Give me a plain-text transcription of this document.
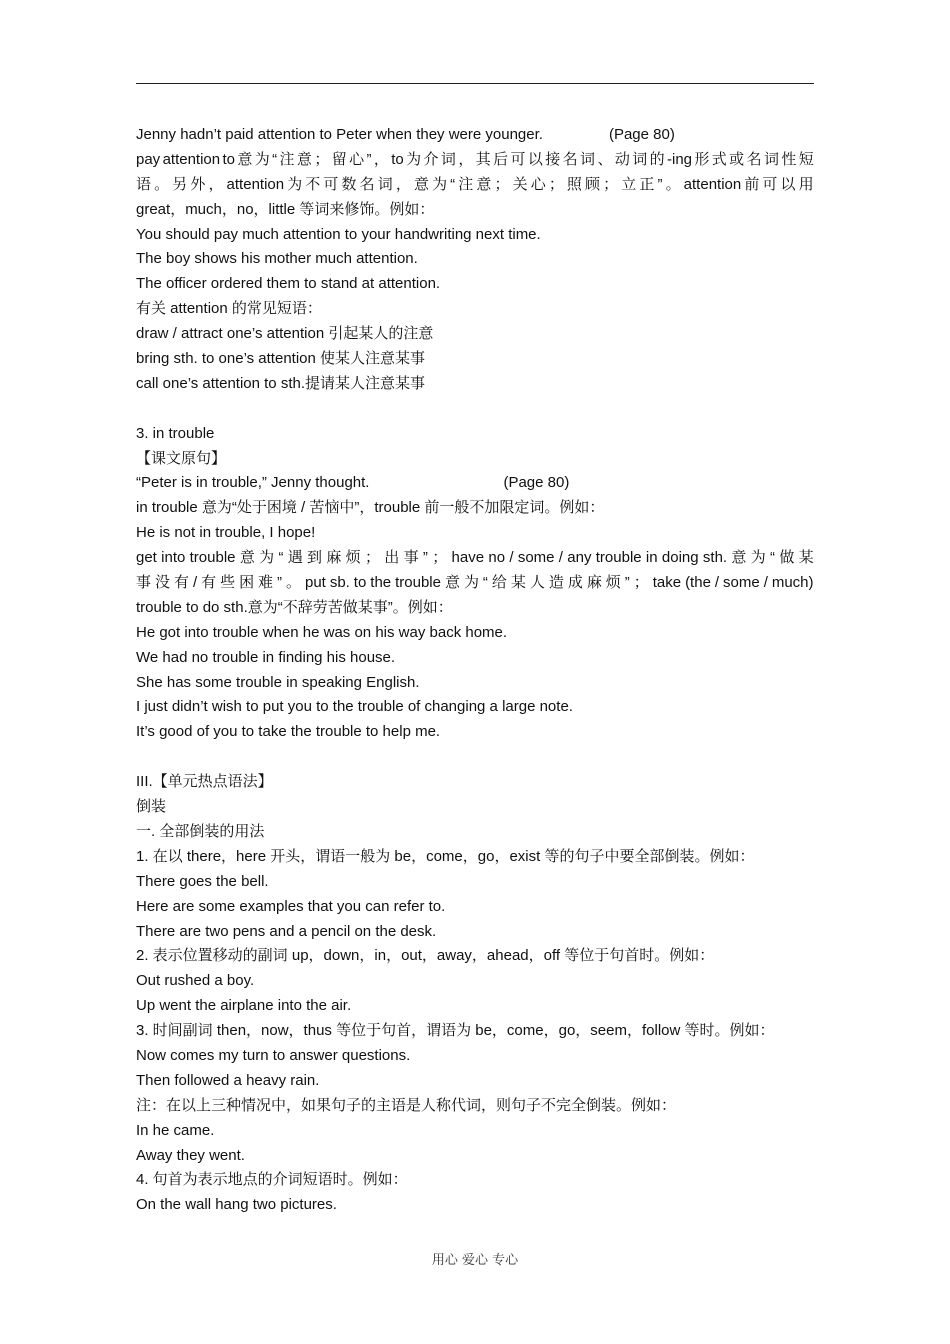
Jenny hadn’t paid attention to Peter when they were younger.	(Page 80)
pay attention to 意 为 “ 注 意 ； 留 心 ” ， to 为 介 词 ， 其 后 可 以 接 名 词 、 动 词 的 -ing 形 式 或 名 词 性 短
语 。 另 外 ， attention 为 不 可 数 名 词 ， 意 为 “ 注 意 ； 关 心 ； 照 顾 ； 立 正 ” 。 attention 前 可 以 用
great，much，no，little 等词来修饰。例如：
You should pay much attention to your handwriting next time.
The boy shows his mother much attention.
The officer ordered them to stand at attention.
有关 attention 的常见短语：
draw / attract one’s attention 引起某人的注意
bring sth. to one’s attention 使某人注意某事
call one’s attention to sth.提请某人注意某事
3. in trouble
【课文原句】
“Peter is in trouble,” Jenny thought.	(Page 80)
in trouble 意为“处于困境 / 苦恼中”，trouble 前一般不加限定词。例如：
He is not in trouble, I hope!
get into trouble 意 为 “ 遇 到 麻 烦 ； 出 事 ” ； have no / some / any trouble in doing sth. 意 为 “ 做 某
事 没 有 / 有 些 困 难 ” 。 put sb. to the trouble 意 为 “ 给 某 人 造 成 麻 烦 ” ； take (the / some / much)
trouble to do sth.意为“不辞劳苦做某事”。例如：
He got into trouble when he was on his way back home.
We had no trouble in finding his house.
She has some trouble in speaking English.
I just didn’t wish to put you to the trouble of changing a large note.
It’s good of you to take the trouble to help me.
III.【单元热点语法】
倒装
一. 全部倒装的用法
1. 在以 there，here 开头，谓语一般为 be，come，go，exist 等的句子中要全部倒装。例如：
There goes the bell.
Here are some examples that you can refer to.
There are two pens and a pencil on the desk.
2. 表示位置移动的副词 up，down，in，out，away，ahead，off 等位于句首时。例如：
Out rushed a boy.
Up went the airplane into the air.
3. 时间副词 then，now，thus 等位于句首，谓语为 be，come，go，seem，follow 等时。例如：
Now comes my turn to answer questions.
Then followed a heavy rain.
注：在以上三种情况中，如果句子的主语是人称代词，则句子不完全倒装。例如：
In he came.
Away they went.
4. 句首为表示地点的介词短语时。例如：
On the wall hang two pictures.
用心 爱心 专心
